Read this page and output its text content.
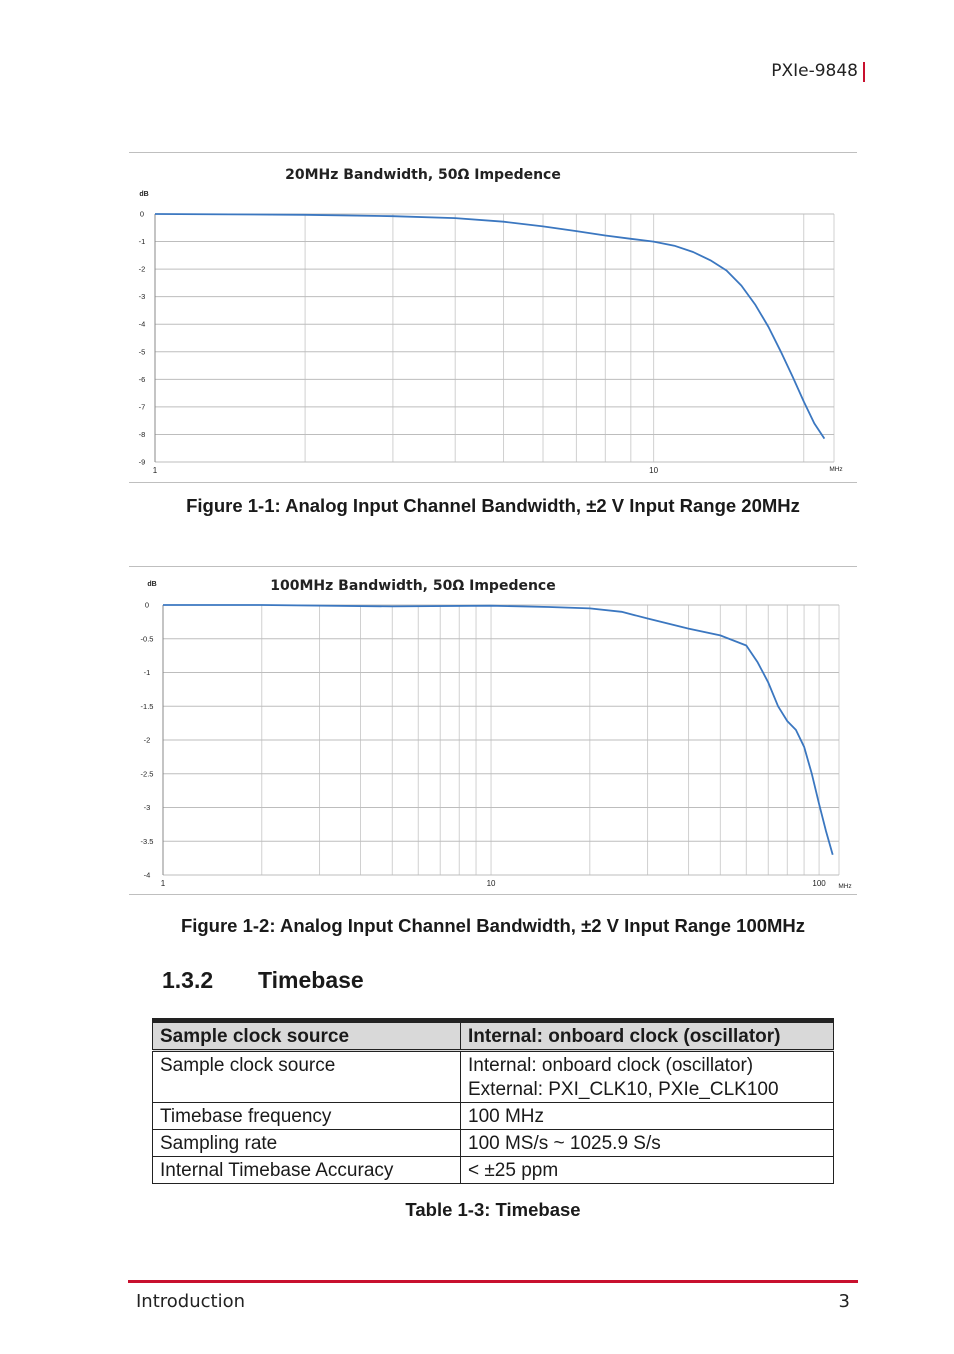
PXIe-9848
0
-1
-2
-3
-4
-5
-6
-7
-8
-9
1	10	MHz
dB
20MHz Bandwidth, 50Ω Impedence
Figure 1-1: Analog Input Channel Bandwidth, ±2 V Input Range 20MHz
0
-0.5
-1
-1.5
-2
-2.5
-3
-3.5
-4
1	10	100 MHz
dB	100MHz Bandwidth, 50Ω Impedence
Figure 1-2: Analog Input Channel Bandwidth, ±2 V Input Range 100MHz
1.3.2 Timebase
Sample clock source	Internal: onboard clock (oscillator)
Sample clock source	Internal: onboard clock (oscillator)
External: PXI_CLK10, PXIe_CLK100

Timebase frequency	100 MHz
Sampling rate	100 MS/s ~ 1025.9 S/s
Internal Timebase Accuracy	< ±25 ppm
Table 1-3: Timebase
Introduction	3
